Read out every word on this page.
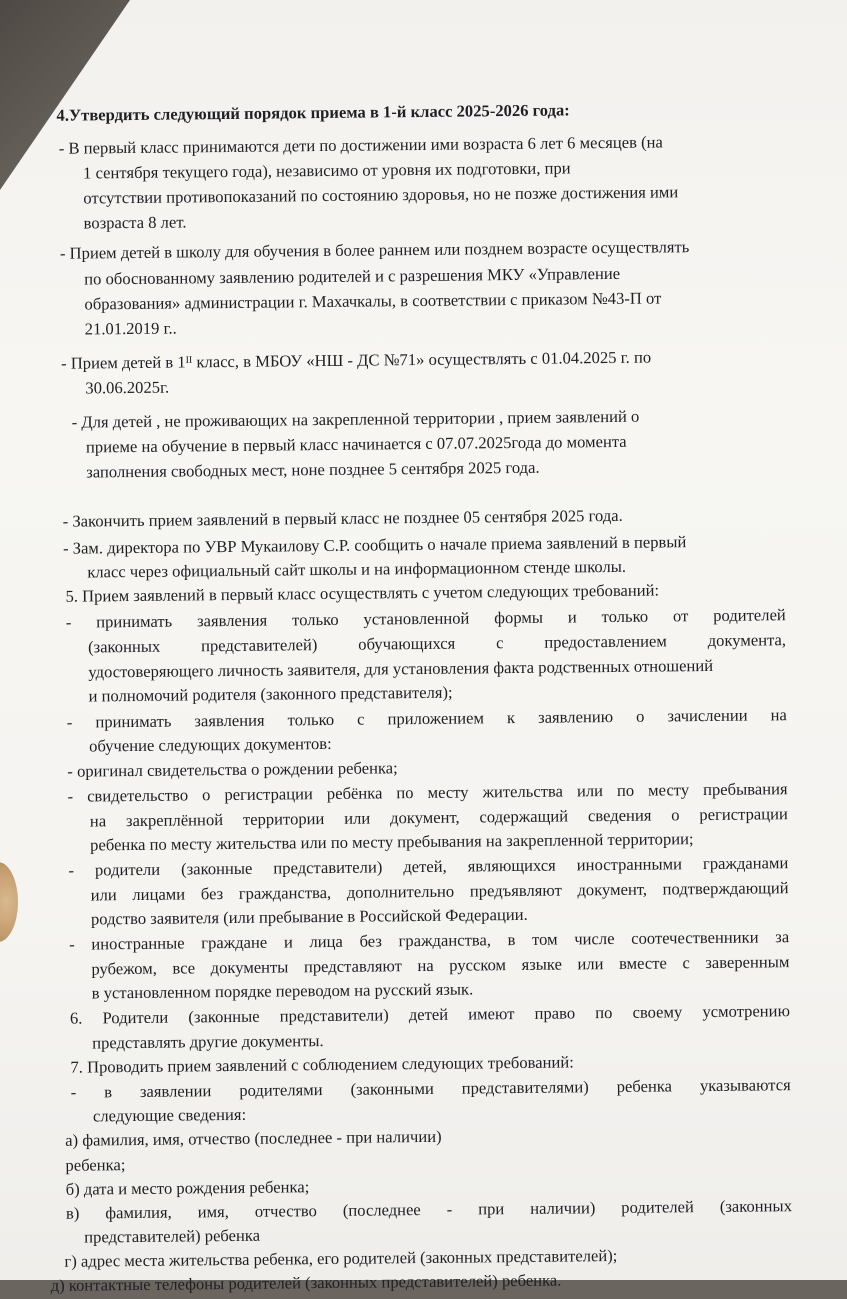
4.Утвердить следующий порядок приема в 1-й класс 2025-2026 года:
- В первый класс принимаются дети по достижении ими возраста 6 лет 6 месяцев (на
1 сентября текущего года), независимо от уровня их подготовки, при
отсутствии противопоказаний по состоянию здоровья, но не позже достижения ими
возраста 8 лет.
- Прием детей в школу для обучения в более раннем или позднем возрасте осуществлять
по обоснованному заявлению родителей и с разрешения МКУ «Управление
образования» администрации г. Махачкалы, в соответствии с приказом №43-П от
21.01.2019 г..
- Прием детей в 1ᴵᴵ класс, в МБОУ «НШ - ДС №71» осуществлять с 01.04.2025 г. по
30.06.2025г.
- Для детей , не проживающих на закрепленной территории , прием заявлений о
приеме на обучение в первый класс начинается с 07.07.2025года до момента
заполнения свободных мест, ноне позднее 5 сентября 2025 года.
- Закончить прием заявлений в первый класс не позднее 05 сентября 2025 года.
- Зам. директора по УВР Мукаилову С.Р. сообщить о начале приема заявлений в первый
класс через официальный сайт школы и на информационном стенде школы.
5. Прием заявлений в первый класс осуществлять с учетом следующих требований:
- принимать заявления только установленной формы и только от родителей
(законных представителей) обучающихся с предоставлением документа,
удостоверяющего личность заявителя, для установления факта родственных отношений
и полномочий родителя (законного представителя);
- принимать заявления только с приложением к заявлению о зачислении на
обучение следующих документов:
- оригинал свидетельства о рождении ребенка;
- свидетельство о регистрации ребёнка по месту жительства или по месту пребывания
на закреплённой территории или документ, содержащий сведения о регистрации
ребенка по месту жительства или по месту пребывания на закрепленной территории;
- родители (законные представители) детей, являющихся иностранными гражданами
или лицами без гражданства, дополнительно предъявляют документ, подтверждающий
родство заявителя (или пребывание в Российской Федерации.
- иностранные граждане и лица без гражданства, в том числе соотечественники за
рубежом, все документы представляют на русском языке или вместе с заверенным
в установленном порядке переводом на русский язык.
6. Родители (законные представители) детей имеют право по своему усмотрению
представлять другие документы.
7. Проводить прием заявлений с соблюдением следующих требований:
- в заявлении родителями (законными представителями) ребенка указываются
следующие сведения:
а) фамилия, имя, отчество (последнее - при наличии)
ребенка;
б) дата и место рождения ребенка;
в) фамилия, имя, отчество (последнее - при наличии) родителей (законных
представителей) ребенка
г) адрес места жительства ребенка, его родителей (законных представителей);
д) контактные телефоны родителей (законных представителей) ребенка.
